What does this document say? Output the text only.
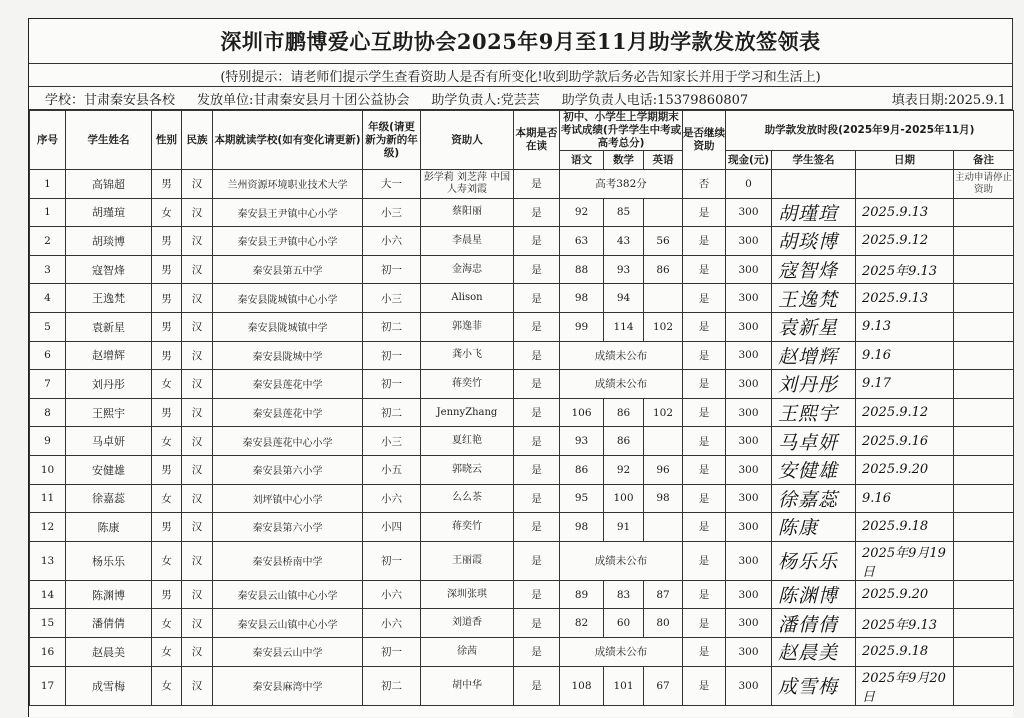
深圳市鹏博爱心互助协会2025年9月至11月助学款发放签领表
(特别提示：请老师们提示学生查看资助人是否有所变化!收到助学款后务必告知家长并用于学习和生活上)
学校：甘肃秦安县各校 发放单位:甘肃秦安县月十团公益协会 助学负责人:党芸芸 助学负责人电话:15379860807	填表日期:2025.9.1
序号	学生姓名	性别	民族	本期就读学校(如有变化请更新)	年级(请更新为新的年级)	资助人	本期是否在读	初中、小学生上学期期末考试成绩(升学学生中考或高考总分)			是否继续资助	助学款发放时段(2025年9月-2025年11月)			
								语文	数学	英语		现金(元)	学生签名	日期	备注
1	高锦超	男	汉	兰州资源环境职业技术大学	大一	彭学莉 刘芝萍 中国人寿刘霞	是	高考382分			否	0			主动申请停止资助
1	胡瑾瑄	女	汉	秦安县王尹镇中心小学	小三	蔡阳丽	是	92	85		是	300	胡瑾瑄	2025.9.13	
2	胡琰博	男	汉	秦安县王尹镇中心小学	小六	李晨星	是	63	43	56	是	300	胡琰博	2025.9.12	
3	寇智烽	男	汉	秦安县第五中学	初一	金海忠	是	88	93	86	是	300	寇智烽	2025年9.13	
4	王逸梵	男	汉	秦安县陇城镇中心小学	小三	Alison	是	98	94		是	300	王逸梵	2025.9.13	
5	袁新星	男	汉	秦安县陇城镇中学	初二	郭逸菲	是	99	114	102	是	300	袁新星	9.13	
6	赵增辉	男	汉	秦安县陇城中学	初一	龚小飞	是	成绩未公布			是	300	赵增辉	9.16	
7	刘丹彤	女	汉	秦安县莲花中学	初一	蒋奕竹	是	成绩未公布			是	300	刘丹彤	9.17	
8	王熙宇	男	汉	秦安县莲花中学	初二	JennyZhang	是	106	86	102	是	300	王熙宇	2025.9.12	
9	马卓妍	女	汉	秦安县莲花中心小学	小三	夏红艳	是	93	86		是	300	马卓妍	2025.9.16	
10	安健雄	男	汉	秦安县第六小学	小五	郭晓云	是	86	92	96	是	300	安健雄	2025.9.20	
11	徐嘉蕊	女	汉	刘坪镇中心小学	小六	么么茶	是	95	100	98	是	300	徐嘉蕊	9.16	
12	陈康	男	汉	秦安县第六小学	小四	蒋奕竹	是	98	91		是	300	陈康	2025.9.18	
13	杨乐乐	女	汉	秦安县桥南中学	初一	王丽霞	是	成绩未公布			是	300	杨乐乐	2025年9月19日	
14	陈渊博	男	汉	秦安县云山镇中心小学	小六	深圳张琪	是	89	83	87	是	300	陈渊博	2025.9.20	
15	潘倩倩	女	汉	秦安县云山镇中心小学	小六	刘道香	是	82	60	80	是	300	潘倩倩	2025年9.13	
16	赵晨美	女	汉	秦安县云山中学	初一	徐茜	是	成绩未公布			是	300	赵晨美	2025.9.18	
17	成雪梅	女	汉	秦安县麻湾中学	初二	胡中华	是	108	101	67	是	300	成雪梅	2025年9月20日	
